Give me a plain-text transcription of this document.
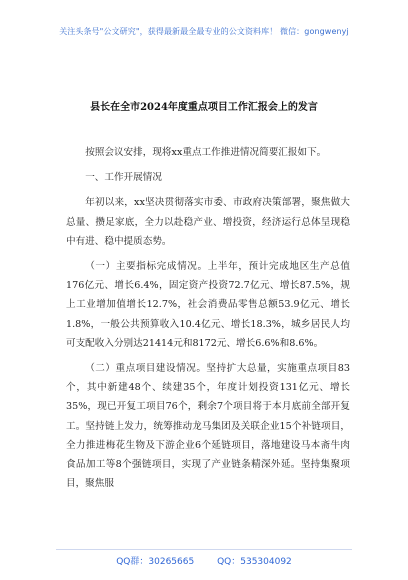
关注头条号"公文研究"，获得最新最全最专业的公文资料库！ 微信：gongwenyj
县长在全市2024年度重点项目工作汇报会上的发言

按照会议安排，现将xx重点工作推进情况简要汇报如下。

一、工作开展情况

年初以来，xx坚决贯彻落实市委、市政府决策部署，聚焦做大总量、攒足家底，全力以赴稳产业、增投资，经济运行总体呈现稳中有进、稳中提质态势。

（一）主要指标完成情况。上半年，预计完成地区生产总值176亿元、增长6.4%，固定资产投资72.7亿元、增长87.5%，规上工业增加值增长12.7%，社会消费品零售总额53.9亿元、增长1.8%，一般公共预算收入10.4亿元、增长18.3%，城乡居民人均可支配收入分别达21414元和8172元、增长6.6%和8.6%。

（二）重点项目建设情况。坚持扩大总量，实施重点项目83个，其中新建48个、续建35个，年度计划投资131亿元、增长35%，现已开复工项目76个，剩余7个项目将于本月底前全部开复工。坚持链上发力，统筹推动龙马集团及关联企业15个补链项目，全力推进梅花生物及下游企业6个延链项目，落地建设马本斋牛肉食品加工等8个强链项目，实现了产业链条精深外延。坚持集聚项目，聚焦服

QQ群：30265665	QQ：535304092
